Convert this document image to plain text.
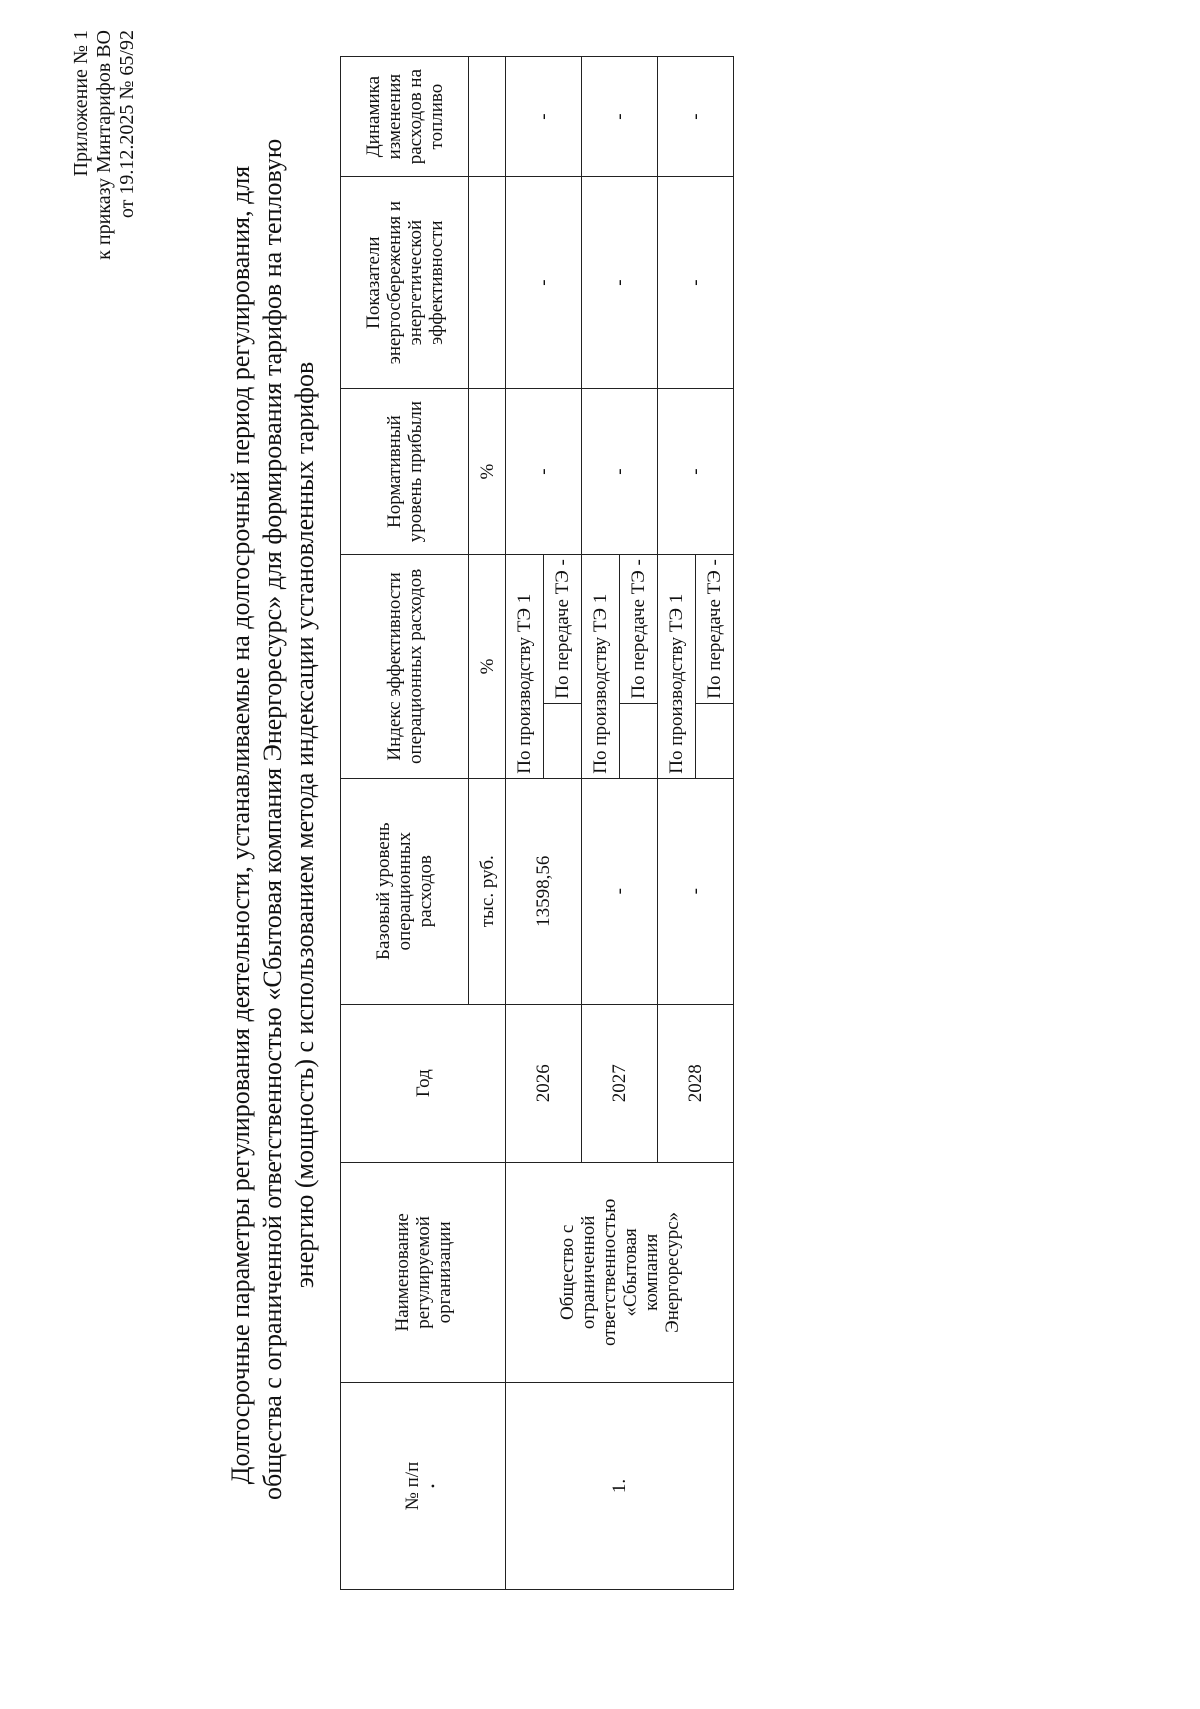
Приложение № 1 к приказу Минтарифов ВО от 19.12.2025 № 65/92
Долгосрочные параметры регулирования деятельности, устанавливаемые на долгосрочный период регулирования, для общества с ограниченной ответственностью «Сбытовая компания Энергоресурс» для формирования тарифов на тепловую энергию (мощность) с использованием метода индексации установленных тарифов
№ п/п •	Наименование регулируемой организации	Год	Базовый уровень операционных расходов	Индекс эффективности операционных расходов		Нормативный уровень прибыли	Показатели энергосбережения и энергетической эффективности	Динамика изменения расходов на топливо
			тыс. руб.	%		%		
1.	Общество с ограниченной ответственностью «Сбытовая компания Энергоресурс»	2026	13598,56	По производству ТЭ 1		-	-	-
					По передаче ТЭ -			
		2027	-	По производству ТЭ 1		-	-	-
					По передаче ТЭ -			
		2028	-	По производству ТЭ 1		-	-	-
					По передаче ТЭ -			
